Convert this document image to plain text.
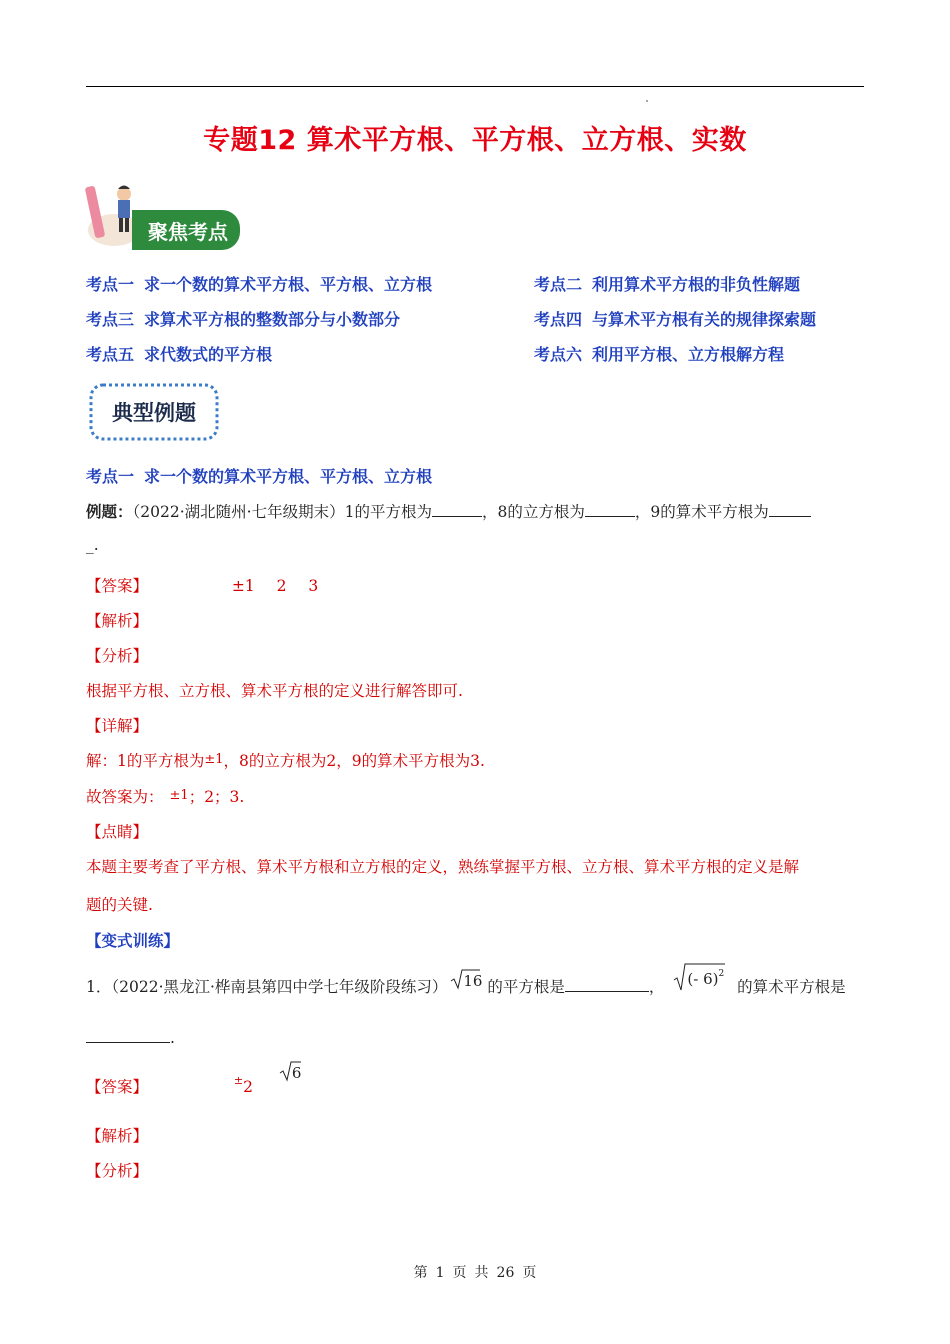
专题12 算术平方根、平方根、立方根、实数
聚焦考点
考点一 求一个数的算术平方根、平方根、立方根	考点二 利用算术平方根的非负性解题
考点三 求算术平方根的整数部分与小数部分	考点四 与算术平方根有关的规律探索题
考点五 求代数式的平方根	考点六 利用平方根、立方根解方程
典型例题
考点一 求一个数的算术平方根、平方根、立方根
例题：（2022·湖北随州·七年级期末）1的平方根为	，8的立方根为	，9的算术平方根为
_.
【答案】	±1 2 3
【解析】
【分析】
根据平方根、立方根、算术平方根的定义进行解答即可.
【详解】
解：1的平方根为±1，8的立方根为2，9的算术平方根为3.
故答案为： ±1；2；3.
【点睛】
本题主要考查了平方根、算术平方根和立方根的定义，熟练掌握平方根、立方根、算术平方根的定义是解
题的关键.
【变式训练】
1．（2022·黑龙江·桦南县第四中学七年级阶段练习） 16 的平方根是	， (- 6)$^2$ 的算术平方根是
.
【答案】	±2
6
【解析】
【分析】
第 1 页 共 26 页
